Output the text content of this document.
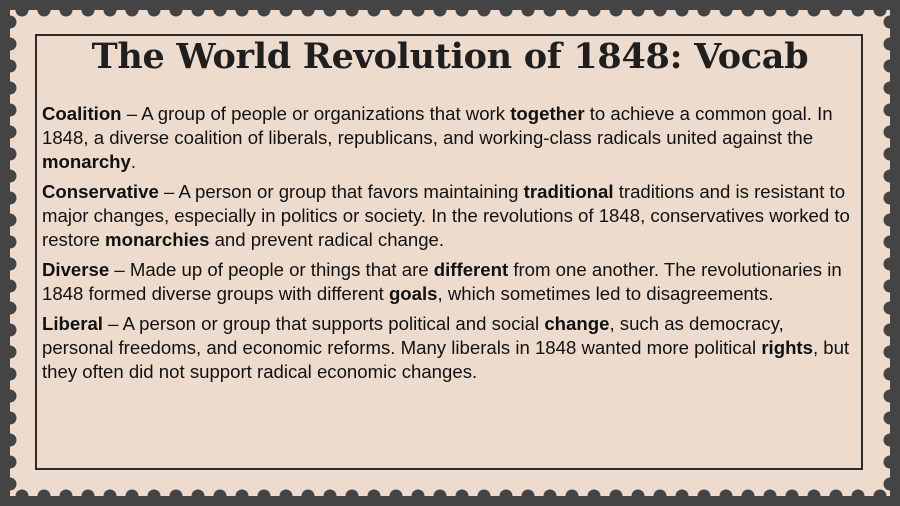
The World Revolution of 1848: Vocab

Coalition – A group of people or organizations that work together to achieve a common goal. In 1848, a diverse coalition of liberals, republicans, and working-class radicals united against the monarchy.

Conservative – A person or group that favors maintaining traditional traditions and is resistant to major changes, especially in politics or society. In the revolutions of 1848, conservatives worked to restore monarchies and prevent radical change.

Diverse – Made up of people or things that are different from one another. The revolutionaries in 1848 formed diverse groups with different goals, which sometimes led to disagreements.

Liberal – A person or group that supports political and social change, such as democracy, personal freedoms, and economic reforms. Many liberals in 1848 wanted more political rights, but they often did not support radical economic changes.
